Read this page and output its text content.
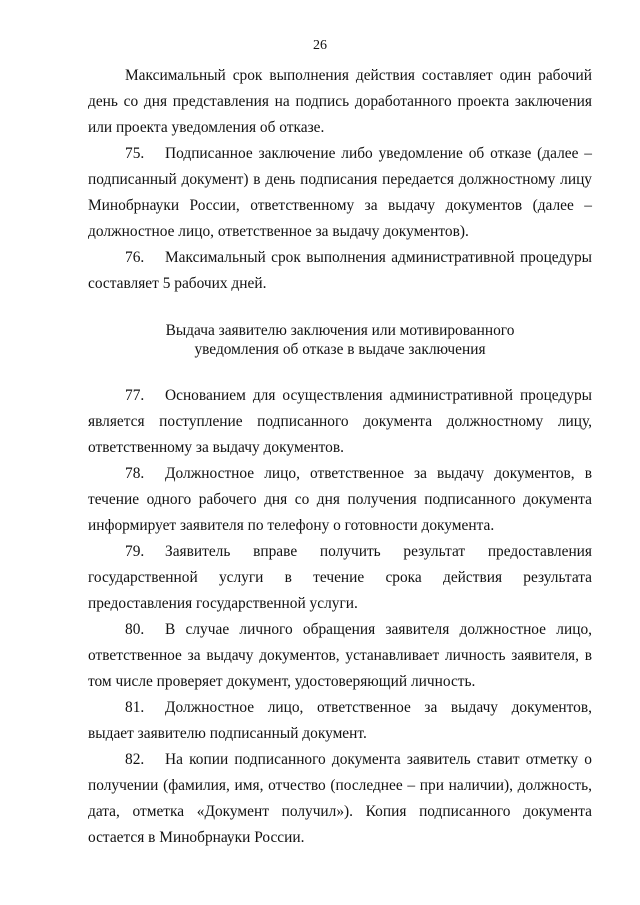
26

Максимальный срок выполнения действия составляет один рабочий день со дня представления на подпись доработанного проекта заключения или проекта уведомления об отказе.

75. Подписанное заключение либо уведомление об отказе (далее – подписанный документ) в день подписания передается должностному лицу Минобрнауки России, ответственному за выдачу документов (далее – должностное лицо, ответственное за выдачу документов).

76. Максимальный срок выполнения административной процедуры составляет 5 рабочих дней.

Выдача заявителю заключения или мотивированного
уведомления об отказе в выдаче заключения

77. Основанием для осуществления административной процедуры является поступление подписанного документа должностному лицу, ответственному за выдачу документов.

78. Должностное лицо, ответственное за выдачу документов, в течение одного рабочего дня со дня получения подписанного документа информирует заявителя по телефону о готовности документа.

79. Заявитель вправе получить результат предоставления государственной услуги в течение срока действия результата предоставления государственной услуги.

80. В случае личного обращения заявителя должностное лицо, ответственное за выдачу документов, устанавливает личность заявителя, в том числе проверяет документ, удостоверяющий личность.

81. Должностное лицо, ответственное за выдачу документов, выдает заявителю подписанный документ.

82. На копии подписанного документа заявитель ставит отметку о получении (фамилия, имя, отчество (последнее – при наличии), должность, дата, отметка «Документ получил»). Копия подписанного документа остается в Минобрнауки России.
